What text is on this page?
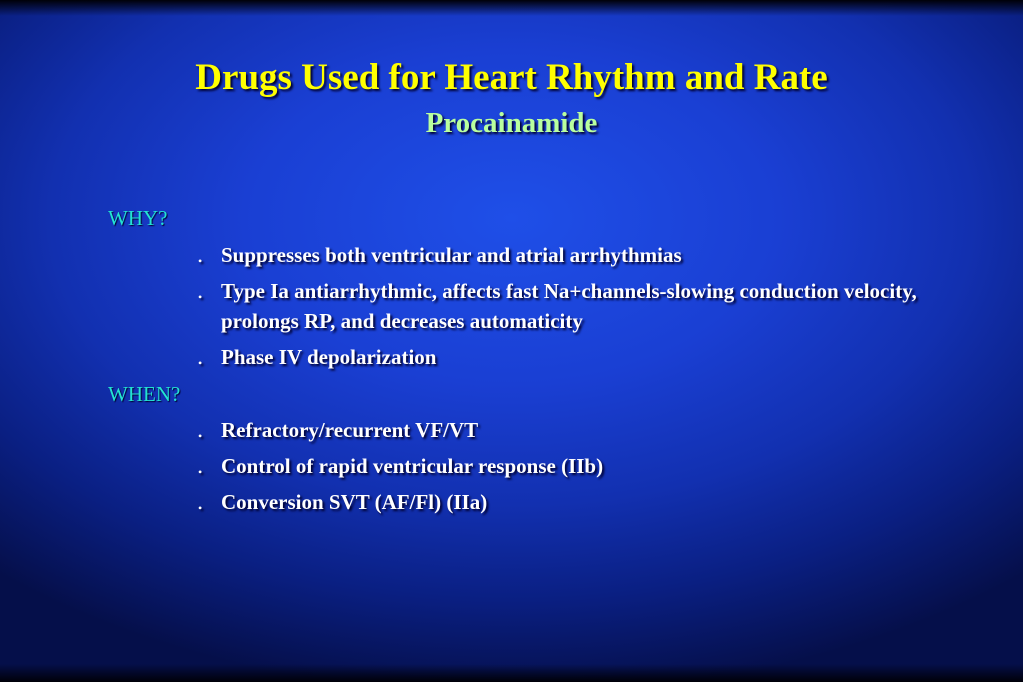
Drugs Used for Heart Rhythm and Rate
Procainamide
WHY?
• Suppresses both ventricular and atrial arrhythmias
• Type Ia antiarrhythmic, affects fast Na+channels-slowing conduction velocity, prolongs RP, and decreases automaticity
• Phase IV depolarization
WHEN?
• Refractory/recurrent VF/VT
• Control of rapid ventricular response (IIb)
• Conversion SVT (AF/Fl) (IIa)
